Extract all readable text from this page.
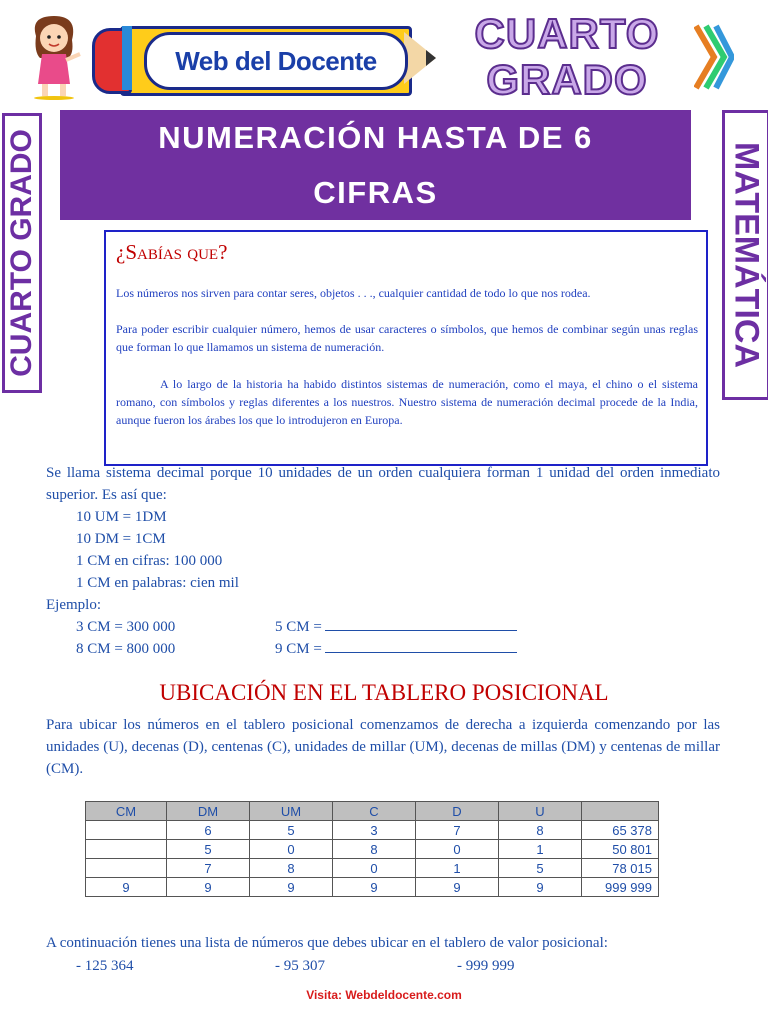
Web del Docente
CUARTO
GRADO
CUARTO GRADO	MATEMÁTICA
NUMERACIÓN HASTA DE 6 CIFRAS
¿Sabías que?
Los números nos sirven para contar seres, objetos . . ., cualquier cantidad de todo lo que nos rodea.
Para poder escribir cualquier número, hemos de usar caracteres o símbolos, que hemos de combinar según unas reglas que forman lo que llamamos un sistema de numeración.
A lo largo de la historia ha habido distintos sistemas de numeración, como el maya, el chino o el sistema romano, con símbolos y reglas diferentes a los nuestros. Nuestro sistema de numeración decimal procede de la India, aunque fueron los árabes los que lo introdujeron en Europa.
Se llama sistema decimal porque 10 unidades de un orden cualquiera forman 1 unidad del orden inmediato superior. Es así que:
10 UM = 1DM
10 DM = 1CM
1 CM en cifras: 100 000
1 CM en palabras: cien mil
Ejemplo:
3 CM = 300 000	5 CM =
8 CM = 800 000	9 CM =
UBICACIÓN EN EL TABLERO POSICIONAL
Para ubicar los números en el tablero posicional comenzamos de derecha a izquierda comenzando por las unidades (U), decenas (D), centenas (C), unidades de millar (UM), decenas de millas (DM) y centenas de millar (CM).
CM	DM	UM	C	D	U	
	6	5	3	7	8	65 378
	5	0	8	0	1	50 801
	7	8	0	1	5	78 015
9	9	9	9	9	9	999 999
A continuación tienes una lista de números que debes ubicar en el tablero de valor posicional:
- 125 364	- 95 307	- 999 999
Visita: Webdeldocente.com
